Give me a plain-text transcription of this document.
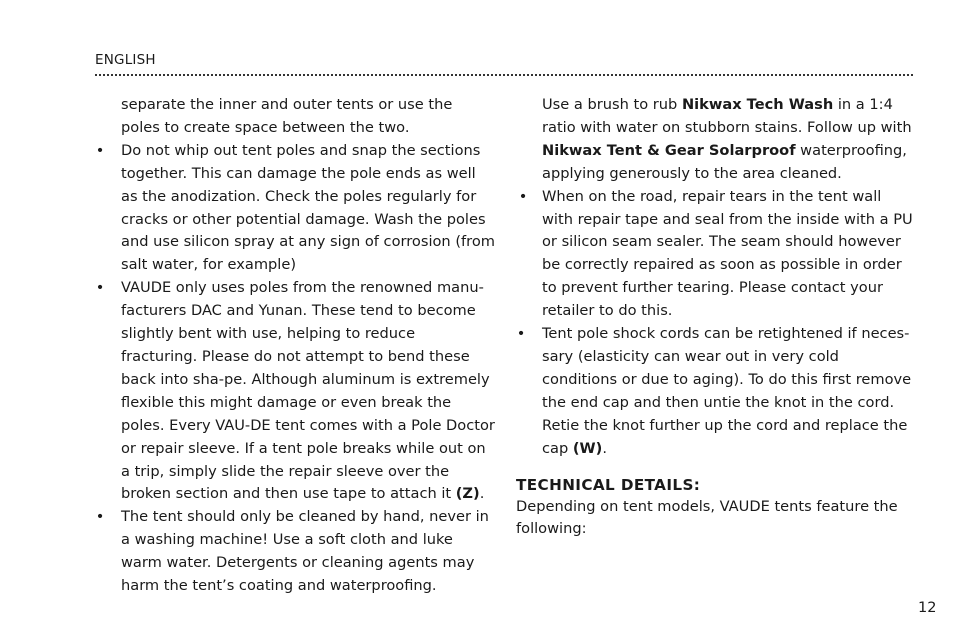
ENGLISH

separate the inner and outer tents or use the poles to create space between the two.

• Do not whip out tent poles and snap the sections together. This can damage the pole ends as well as the anodization. Check the poles regularly for cracks or other potential damage. Wash the poles and use silicon spray at any sign of corrosion (from salt water, for example)
• VAUDE only uses poles from the renowned manu-facturers DAC and Yunan. These tend to become slightly bent with use, helping to reduce fracturing. Please do not attempt to bend these back into sha-pe. Although aluminum is extremely flexible this might damage or even break the poles. Every VAU-DE tent comes with a Pole Doctor or repair sleeve. If a tent pole breaks while out on a trip, simply slide the repair sleeve over the broken section and then use tape to attach it (Z).
• The tent should only be cleaned by hand, never in a washing machine! Use a soft cloth and luke warm water. Detergents or cleaning agents may harm the tent’s coating and waterproofing.

Use a brush to rub Nikwax Tech Wash in a 1:4 ratio with water on stubborn stains. Follow up with Nikwax Tent & Gear Solarproof waterproofing, applying generously to the area cleaned.

• When on the road, repair tears in the tent wall with repair tape and seal from the inside with a PU or silicon seam sealer. The seam should however be correctly repaired as soon as possible in order to prevent further tearing. Please contact your retailer to do this.
• Tent pole shock cords can be retightened if neces-sary (elasticity can wear out in very cold conditions or due to aging). To do this first remove the end cap and then untie the knot in the cord. Retie the knot further up the cord and replace the cap (W).
TECHNICAL DETAILS:

Depending on tent models, VAUDE tents feature the following:

12
